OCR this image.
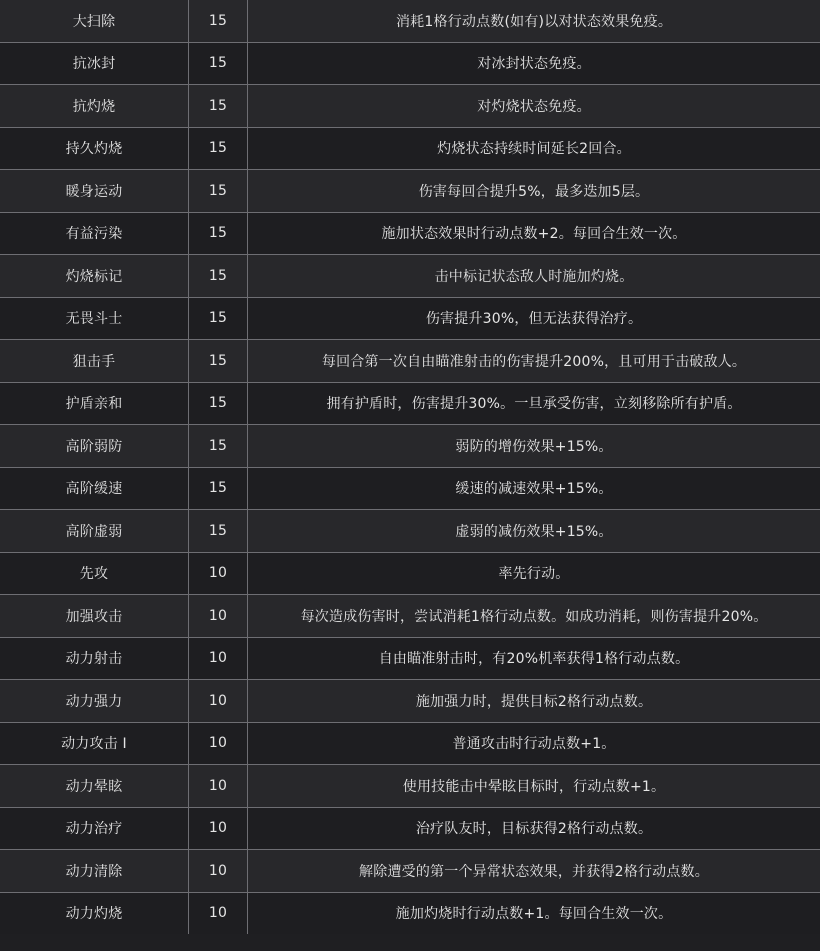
大扫除	15	消耗1格行动点数(如有)以对状态效果免疫。
抗冰封	15	对冰封状态免疫。
抗灼烧	15	对灼烧状态免疫。
持久灼烧	15	灼烧状态持续时间延长2回合。
暖身运动	15	伤害每回合提升5%，最多迭加5层。
有益污染	15	施加状态效果时行动点数+2。每回合生效一次。
灼烧标记	15	击中标记状态敌人时施加灼烧。
无畏斗士	15	伤害提升30%，但无法获得治疗。
狙击手	15	每回合第一次自由瞄准射击的伤害提升200%，且可用于击破敌人。
护盾亲和	15	拥有护盾时，伤害提升30%。一旦承受伤害，立刻移除所有护盾。
高阶弱防	15	弱防的增伤效果+15%。
高阶缓速	15	缓速的减速效果+15%。
高阶虚弱	15	虚弱的减伤效果+15%。
先攻	10	率先行动。
加强攻击	10	每次造成伤害时，尝试消耗1格行动点数。如成功消耗，则伤害提升20%。
动力射击	10	自由瞄准射击时，有20%机率获得1格行动点数。
动力强力	10	施加强力时，提供目标2格行动点数。
动力攻击 I	10	普通攻击时行动点数+1。
动力晕眩	10	使用技能击中晕眩目标时，行动点数+1。
动力治疗	10	治疗队友时，目标获得2格行动点数。
动力清除	10	解除遭受的第一个异常状态效果，并获得2格行动点数。
动力灼烧	10	施加灼烧时行动点数+1。每回合生效一次。
